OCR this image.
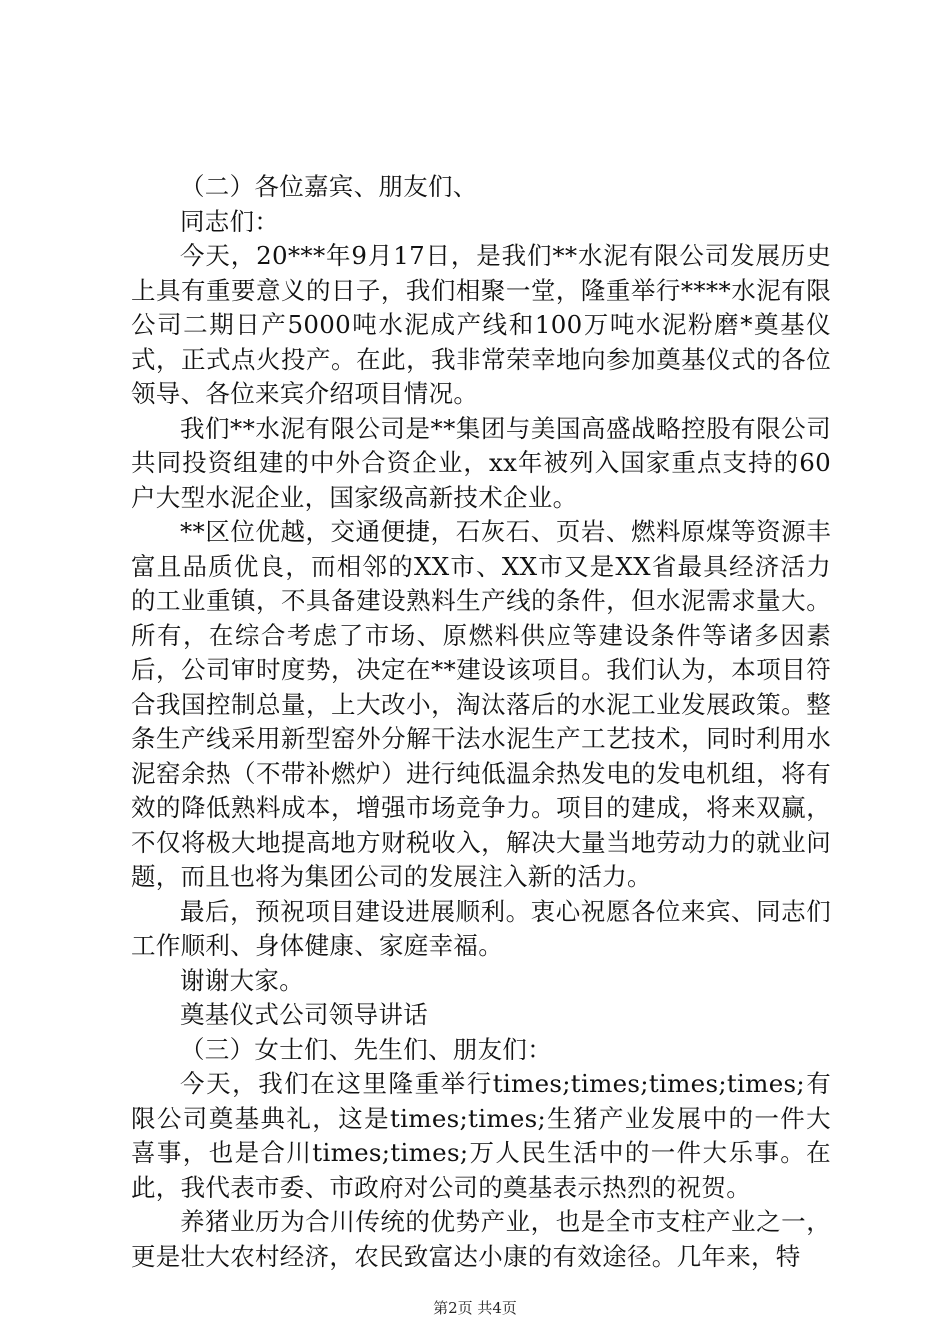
（二）各位嘉宾、朋友们、

同志们：

今天，20***年9月17日，是我们**水泥有限公司发展历史上具有重要意义的日子，我们相聚一堂，隆重举行****水泥有限公司二期日产5000吨水泥成产线和100万吨水泥粉磨*奠基仪式，正式点火投产。在此，我非常荣幸地向参加奠基仪式的各位领导、各位来宾介绍项目情况。

我们**水泥有限公司是**集团与美国高盛战略控股有限公司共同投资组建的中外合资企业，xx年被列入国家重点支持的60户大型水泥企业，国家级高新技术企业。

**区位优越，交通便捷，石灰石、页岩、燃料原煤等资源丰富且品质优良，而相邻的XX市、XX市又是XX省最具经济活力的工业重镇，不具备建设熟料生产线的条件，但水泥需求量大。所有，在综合考虑了市场、原燃料供应等建设条件等诸多因素后，公司审时度势，决定在**建设该项目。我们认为，本项目符合我国控制总量，上大改小，淘汰落后的水泥工业发展政策。整条生产线采用新型窑外分解干法水泥生产工艺技术，同时利用水泥窑余热（不带补燃炉）进行纯低温余热发电的发电机组，将有效的降低熟料成本，增强市场竞争力。项目的建成，将来双赢，不仅将极大地提高地方财税收入，解决大量当地劳动力的就业问题，而且也将为集团公司的发展注入新的活力。

最后，预祝项目建设进展顺利。衷心祝愿各位来宾、同志们工作顺利、身体健康、家庭幸福。

谢谢大家。

奠基仪式公司领导讲话

（三）女士们、先生们、朋友们：

今天，我们在这里隆重举行times;times;times;times;有限公司奠基典礼，这是times;times;生猪产业发展中的一件大喜事，也是合川times;times;万人民生活中的一件大乐事。在此，我代表市委、市政府对公司的奠基表示热烈的祝贺。

养猪业历为合川传统的优势产业，也是全市支柱产业之一，更是壮大农村经济，农民致富达小康的有效途径。几年来，特

第2页 共4页
